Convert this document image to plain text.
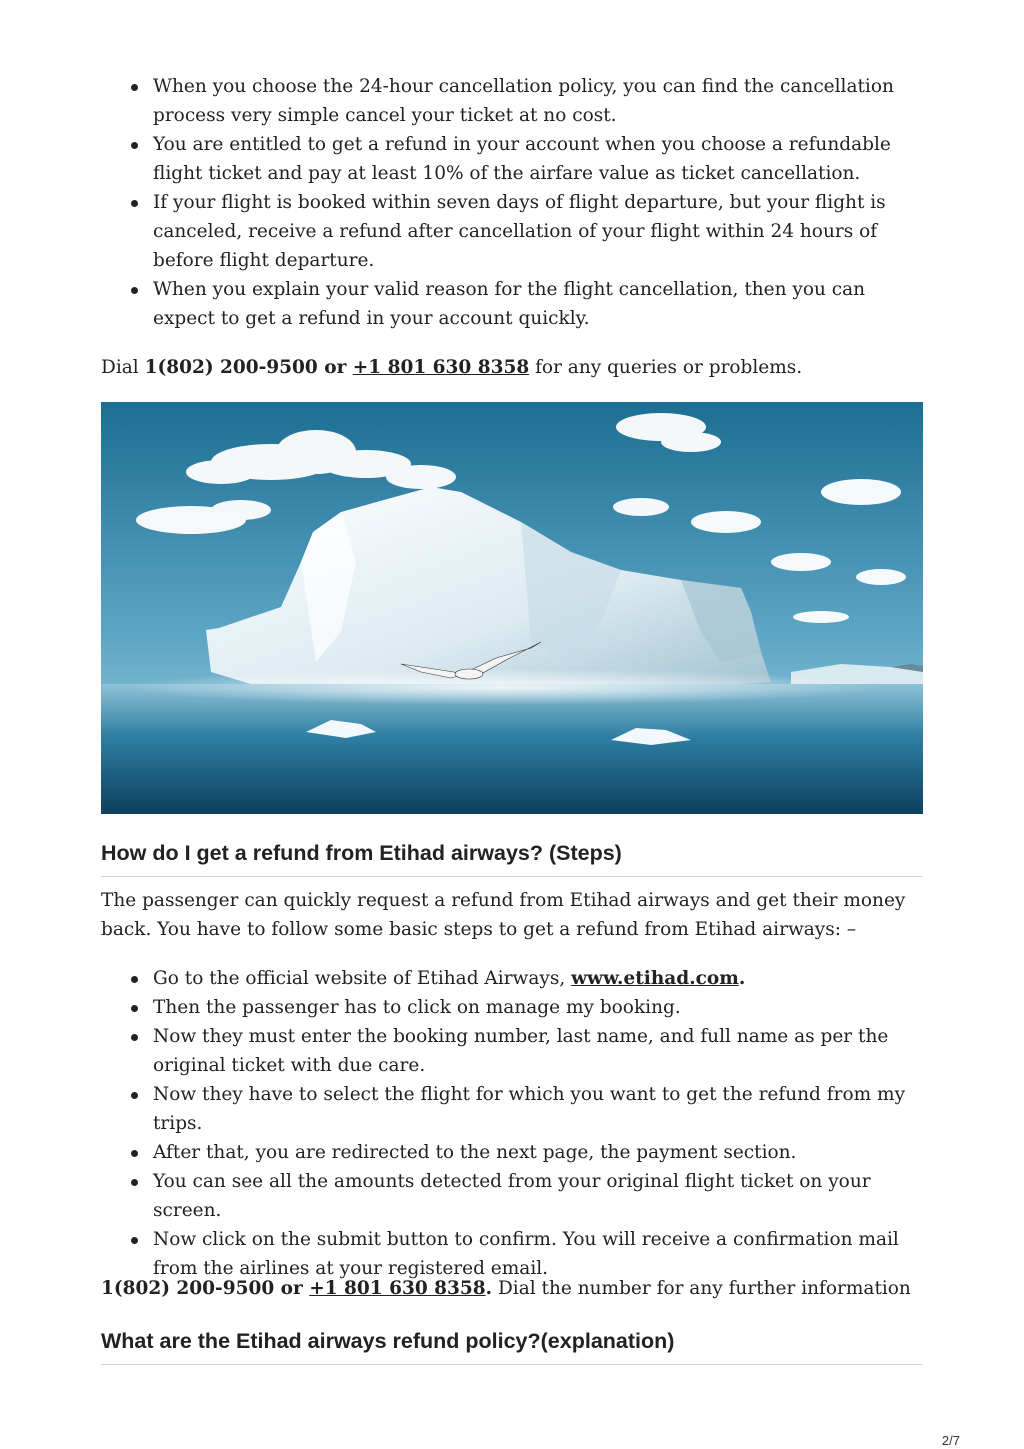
When you choose the 24-hour cancellation policy, you can find the cancellation process very simple cancel your ticket at no cost.
You are entitled to get a refund in your account when you choose a refundable flight ticket and pay at least 10% of the airfare value as ticket cancellation.
If your flight is booked within seven days of flight departure, but your flight is canceled, receive a refund after cancellation of your flight within 24 hours of before flight departure.
When you explain your valid reason for the flight cancellation, then you can expect to get a refund in your account quickly.

Dial 1(802) 200-9500 or +1 801 630 8358 for any queries or problems.

How do I get a refund from Etihad airways? (Steps)

The passenger can quickly request a refund from Etihad airways and get their money back. You have to follow some basic steps to get a refund from Etihad airways: –

Go to the official website of Etihad Airways, www.etihad.com.
Then the passenger has to click on manage my booking.
Now they must enter the booking number, last name, and full name as per the original ticket with due care.
Now they have to select the flight for which you want to get the refund from my trips.
After that, you are redirected to the next page, the payment section.
You can see all the amounts detected from your original flight ticket on your screen.
Now click on the submit button to confirm. You will receive a confirmation mail from the airlines at your registered email.

1(802) 200-9500 or +1 801 630 8358. Dial the number for any further information

What are the Etihad airways refund policy?(explanation)
2/7
